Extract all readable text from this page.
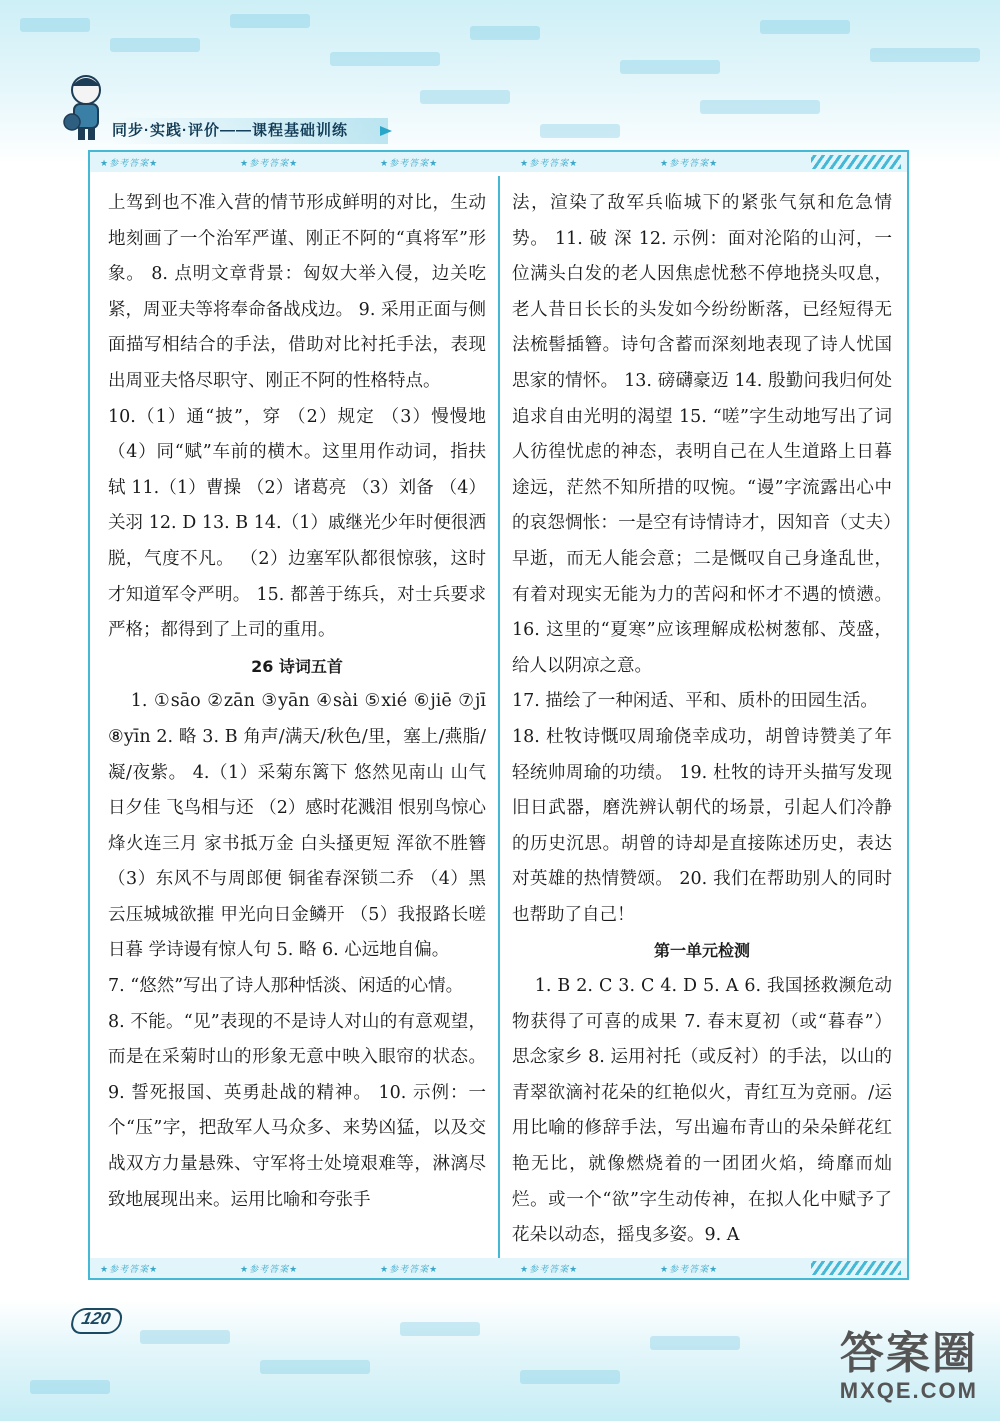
同步·实践·评价——课程基础训练
★参考答案★	★参考答案★	★参考答案★	★参考答案★	★参考答案★

上驾到也不准入营的情节形成鲜明的对比，生动地刻画了一个治军严谨、刚正不阿的“真将军”形象。 8. 点明文章背景：匈奴大举入侵，边关吃紧，周亚夫等将奉命备战戍边。 9. 采用正面与侧面描写相结合的手法，借助对比衬托手法，表现出周亚夫恪尽职守、刚正不阿的性格特点。

10.（1）通“披”，穿 （2）规定 （3）慢慢地 （4）同“赋”车前的横木。这里用作动词，指扶轼 11.（1）曹操 （2）诸葛亮 （3）刘备 （4）关羽 12. D 13. B 14.（1）戚继光少年时便很洒脱，气度不凡。 （2）边塞军队都很惊骇，这时才知道军令严明。 15. 都善于练兵，对士兵要求严格；都得到了上司的重用。

26 诗词五首

1. ①sāo ②zān ③yān ④sài ⑤xié ⑥jiē ⑦jī ⑧yīn 2. 略 3. B 角声/满天/秋色/里，塞上/燕脂/凝/夜紫。 4.（1）采菊东篱下 悠然见南山 山气日夕佳 飞鸟相与还 （2）感时花溅泪 恨别鸟惊心 烽火连三月 家书抵万金 白头搔更短 浑欲不胜簪 （3）东风不与周郎便 铜雀春深锁二乔 （4）黑云压城城欲摧 甲光向日金鳞开 （5）我报路长嗟日暮 学诗谩有惊人句 5. 略 6. 心远地自偏。

7. “悠然”写出了诗人那种恬淡、闲适的心情。

8. 不能。“见”表现的不是诗人对山的有意观望，而是在采菊时山的形象无意中映入眼帘的状态。 9. 誓死报国、英勇赴战的精神。 10. 示例：一个“压”字，把敌军人马众多、来势凶猛，以及交战双方力量悬殊、守军将士处境艰难等，淋漓尽致地展现出来。运用比喻和夸张手

法，渲染了敌军兵临城下的紧张气氛和危急情势。 11. 破 深 12. 示例：面对沦陷的山河，一位满头白发的老人因焦虑忧愁不停地挠头叹息，老人昔日长长的头发如今纷纷断落，已经短得无法梳髻插簪。诗句含蓄而深刻地表现了诗人忧国思家的情怀。 13. 磅礴豪迈 14. 殷勤问我归何处 追求自由光明的渴望 15. “嗟”字生动地写出了词人彷徨忧虑的神态，表明自己在人生道路上日暮途远，茫然不知所措的叹惋。“谩”字流露出心中的哀怨惆怅：一是空有诗情诗才，因知音（丈夫）早逝，而无人能会意；二是慨叹自己身逢乱世，有着对现实无能为力的苦闷和怀才不遇的愤懑。 16. 这里的“夏寒”应该理解成松树葱郁、茂盛，给人以阴凉之意。

17. 描绘了一种闲适、平和、质朴的田园生活。

18. 杜牧诗慨叹周瑜侥幸成功，胡曾诗赞美了年轻统帅周瑜的功绩。 19. 杜牧的诗开头描写发现旧日武器，磨洗辨认朝代的场景，引起人们冷静的历史沉思。胡曾的诗却是直接陈述历史，表达对英雄的热情赞颂。 20. 我们在帮助别人的同时也帮助了自己！

第一单元检测

1. B 2. C 3. C 4. D 5. A 6. 我国拯救濒危动物获得了可喜的成果 7. 春末夏初（或“暮春”） 思念家乡 8. 运用衬托（或反衬）的手法，以山的青翠欲滴衬花朵的红艳似火，青红互为竞丽。/运用比喻的修辞手法，写出遍布青山的朵朵鲜花红艳无比，就像燃烧着的一团团火焰，绮靡而灿烂。或一个“欲”字生动传神，在拟人化中赋予了花朵以动态，摇曳多姿。9. A

★参考答案★	★参考答案★	★参考答案★	★参考答案★	★参考答案★
120
答案圈
MXQE.COM
